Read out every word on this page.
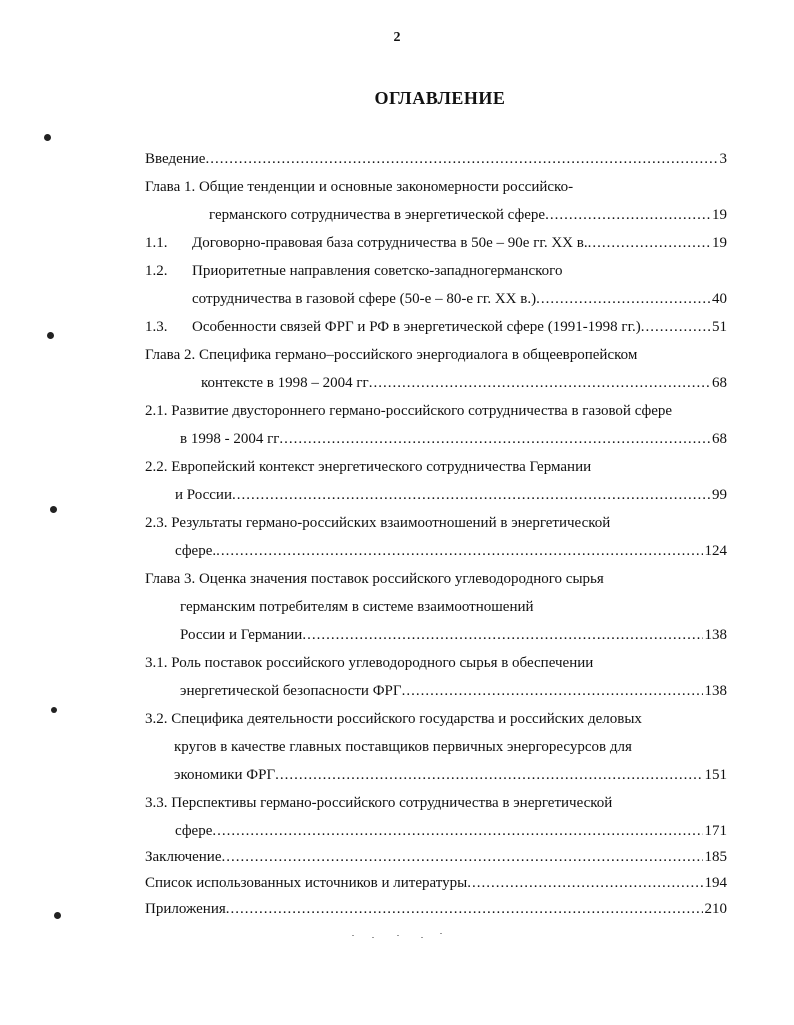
2
ОГЛАВЛЕНИЕ
Введение .....	3
Глава 1. Общие тенденции и основные закономерности российско-
германского сотрудничества в энергетической сфере .....	19
1.1. Договорно-правовая база сотрудничества в 50е – 90е гг. ХХ в. .....	19
1.2. Приоритетные направления советско-западногерманского
сотрудничества в газовой сфере (50-е – 80-е гг. ХХ в.) .....	40
1.3. Особенности связей ФРГ и РФ в энергетической сфере (1991-1998 гг.) .....	51
Глава 2. Специфика германо–российского энергодиалога в общеевропейском
контексте в 1998 – 2004 гг .....	68
2.1. Развитие двустороннего германо-российского сотрудничества в газовой сфере
в 1998 - 2004 гг .....	68
2.2. Европейский контекст энергетического сотрудничества Германии
и России .....	99
2.3. Результаты германо-российских взаимоотношений в энергетической
сфере. .....	124
Глава 3. Оценка значения поставок российского углеводородного сырья
германским потребителям в системе взаимоотношений
России и Германии .....	138
3.1. Роль поставок российского углеводородного сырья в обеспечении
энергетической безопасности ФРГ .....	138
3.2. Специфика деятельности российского государства и российских деловых
кругов в качестве главных поставщиков первичных энергоресурсов для
экономики ФРГ .....	151
3.3. Перспективы германо-российского сотрудничества в энергетической
сфере .....	171
Заключение .....	185
Список использованных источников и литературы .....	194
Приложения .....	210
